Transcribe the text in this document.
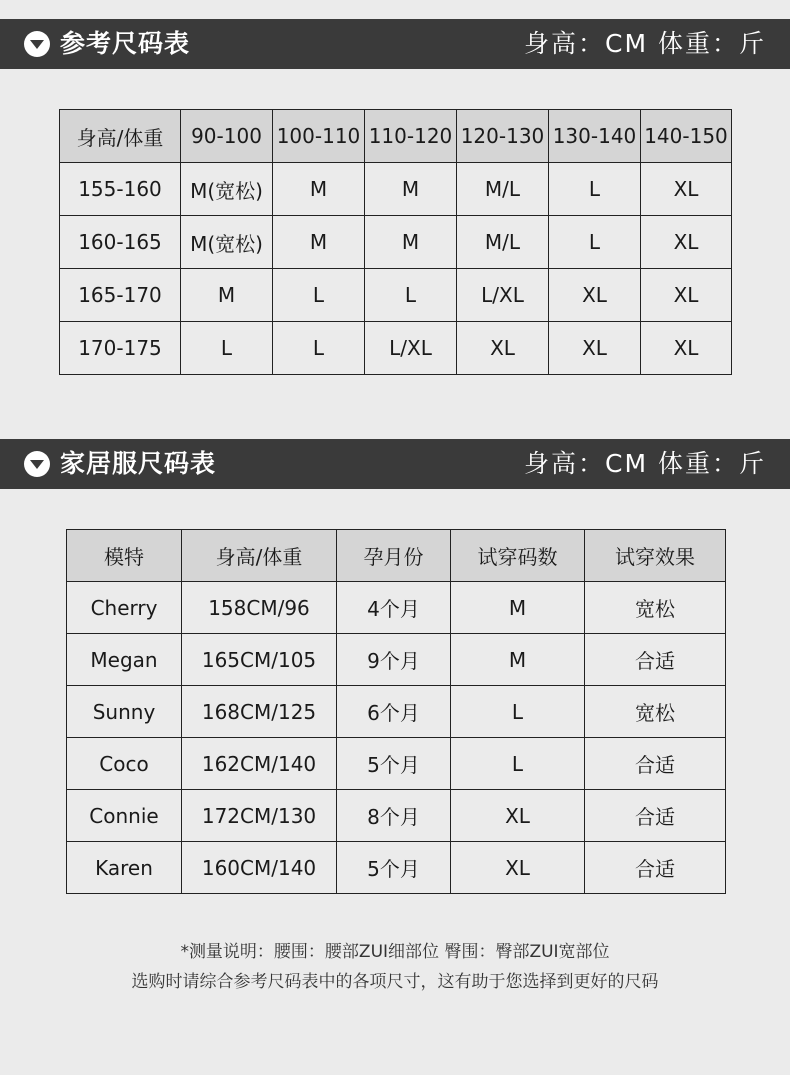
参考尺码表	身高：CM 体重：斤
身高/体重	90-100	100-110	110-120	120-130	130-140	140-150
155-160	M(宽松)	M	M	M/L	L	XL
160-165	M(宽松)	M	M	M/L	L	XL
165-170	M	L	L	L/XL	XL	XL
170-175	L	L	L/XL	XL	XL	XL
家居服尺码表	身高：CM 体重：斤
模特	身高/体重	孕月份	试穿码数	试穿效果
Cherry	158CM/96	4个月	M	宽松
Megan	165CM/105	9个月	M	合适
Sunny	168CM/125	6个月	L	宽松
Coco	162CM/140	5个月	L	合适
Connie	172CM/130	8个月	XL	合适
Karen	160CM/140	5个月	XL	合适
*测量说明：腰围：腰部ZUI细部位 臀围：臀部ZUI宽部位
选购时请综合参考尺码表中的各项尺寸，这有助于您选择到更好的尺码
